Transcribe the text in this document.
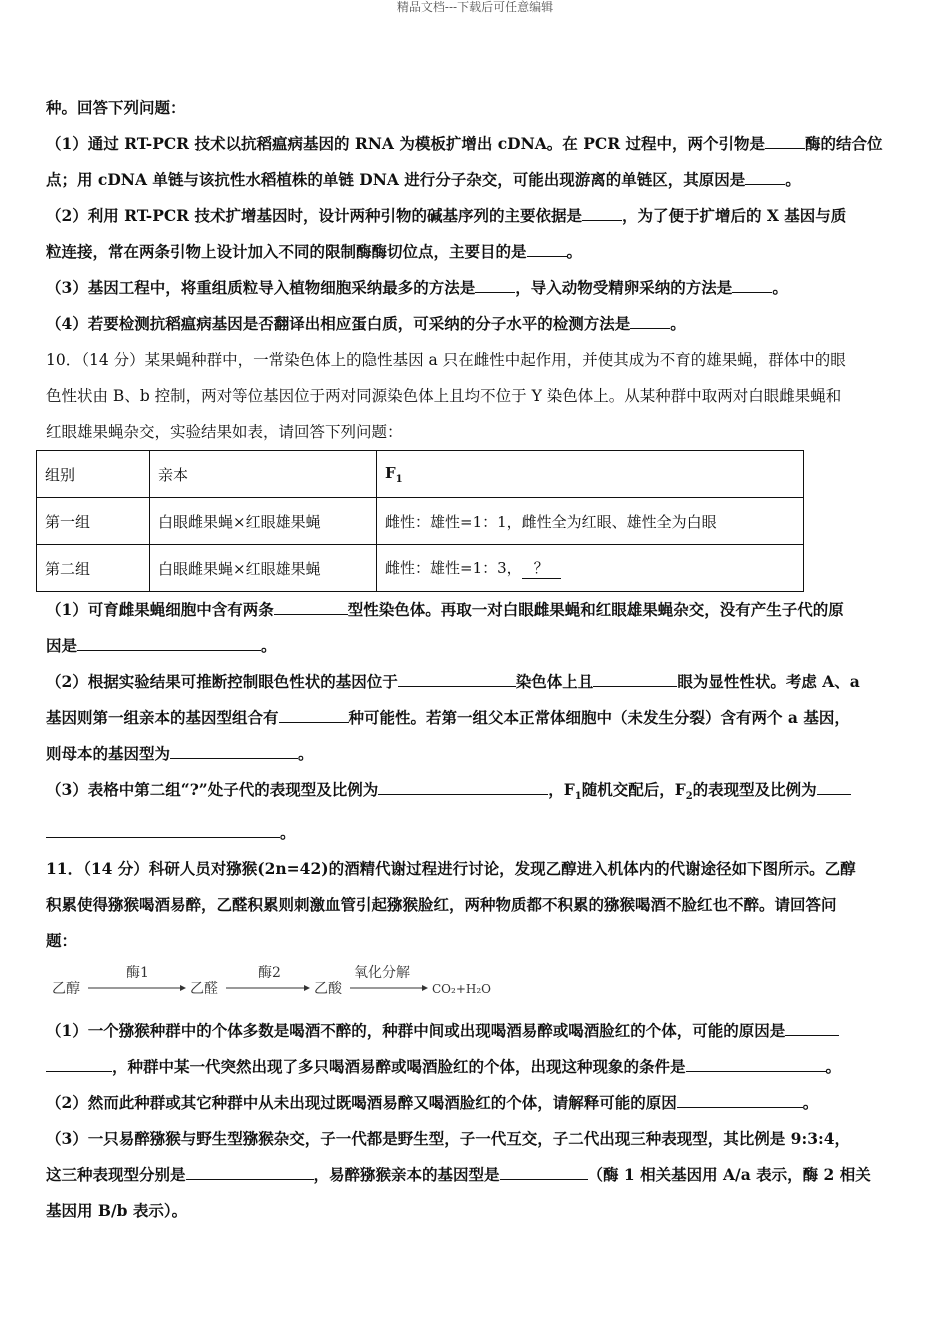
精品文档---下载后可任意编辑

种。回答下列问题：

（1）通过 RT-PCR 技术以抗稻瘟病基因的 RNA 为模板扩增出 cDNA。在 PCR 过程中，两个引物是	酶的结合位

点；用 cDNA 单链与该抗性水稻植株的单链 DNA 进行分子杂交，可能出现游离的单链区，其原因是	。

（2）利用 RT-PCR 技术扩增基因时，设计两种引物的碱基序列的主要依据是	，为了便于扩增后的 X 基因与质

粒连接，常在两条引物上设计加入不同的限制酶酶切位点，主要目的是	。

（3）基因工程中，将重组质粒导入植物细胞采纳最多的方法是	，导入动物受精卵采纳的方法是	。

（4）若要检测抗稻瘟病基因是否翻译出相应蛋白质，可采纳的分子水平的检测方法是	。

10．（14 分）某果蝇种群中，一常染色体上的隐性基因 a 只在雌性中起作用，并使其成为不育的雄果蝇，群体中的眼

色性状由 B、b 控制，两对等位基因位于两对同源染色体上且均不位于 Y 染色体上。从某种群中取两对白眼雌果蝇和

红眼雄果蝇杂交，实验结果如表，请回答下列问题：

组别	亲本	$F_1$
第一组	白眼雌果蝇×红眼雄果蝇	雌性：雄性=1：1，雌性全为红眼、雄性全为白眼
第二组	白眼雌果蝇×红眼雄果蝇	雌性：雄性=1：3， ？

（1）可育雌果蝇细胞中含有两条	型性染色体。再取一对白眼雌果蝇和红眼雄果蝇杂交，没有产生子代的原

因是	。

（2）根据实验结果可推断控制眼色性状的基因位于	染色体上且	眼为显性性状。考虑 A、a

基因则第一组亲本的基因型组合有	种可能性。若第一组父本正常体细胞中（未发生分裂）含有两个 a 基因，

则母本的基因型为	。

（3）表格中第二组“?”处子代的表现型及比例为	，$F_1$随机交配后，$F_2$的表现型及比例为

。

11．（14 分）科研人员对猕猴(2n=42)的酒精代谢过程进行讨论，发现乙醇进入机体内的代谢途径如下图所示。乙醇

积累使得猕猴喝酒易醉，乙醛积累则刺激血管引起猕猴脸红，两种物质都不积累的猕猴喝酒不脸红也不醉。请回答问

题：

乙醇
酶1
乙醛
酶2
乙酸
氧化分解
CO₂+H₂O

（1）一个猕猴种群中的个体多数是喝酒不醉的，种群中间或出现喝酒易醉或喝酒脸红的个体，可能的原因是

，种群中某一代突然出现了多只喝酒易醉或喝酒脸红的个体，出现这种现象的条件是	。

（2）然而此种群或其它种群中从未出现过既喝酒易醉又喝酒脸红的个体，请解释可能的原因	。

（3）一只易醉猕猴与野生型猕猴杂交，子一代都是野生型，子一代互交，子二代出现三种表现型，其比例是 9:3:4，

这三种表现型分别是	，易醉猕猴亲本的基因型是	（酶 1 相关基因用 A/a 表示，酶 2 相关

基因用 B/b 表示）。
